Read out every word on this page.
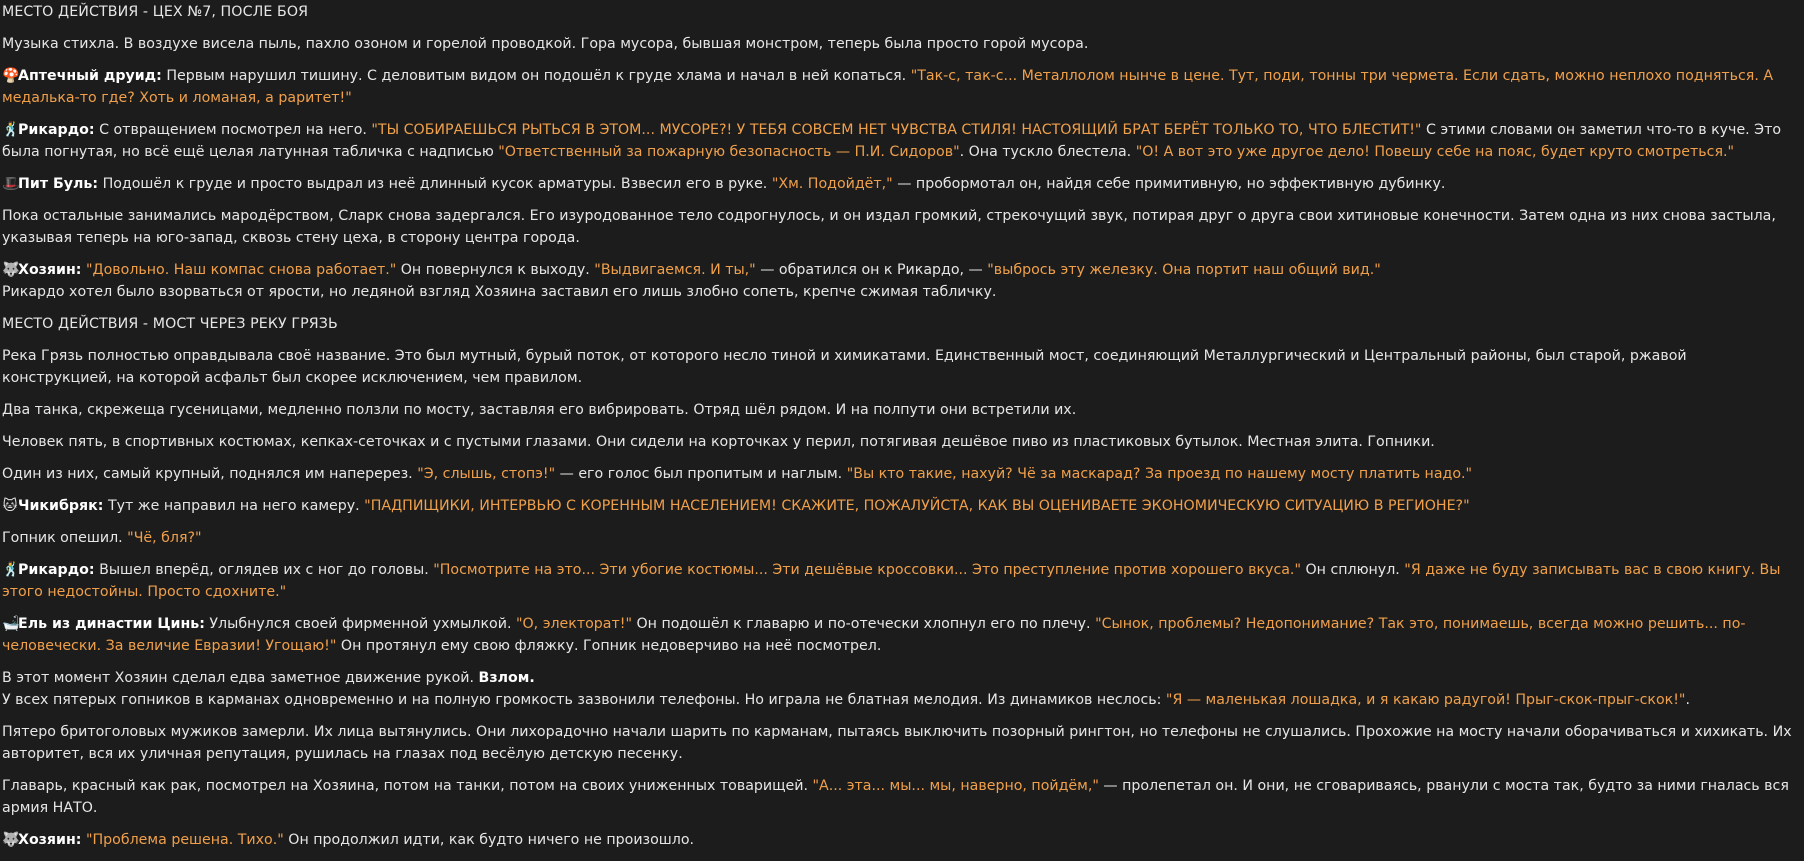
МЕСТО ДЕЙСТВИЯ - ЦЕХ №7, ПОСЛЕ БОЯ
Музыка стихла. В воздухе висела пыль, пахло озоном и горелой проводкой. Гора мусора, бывшая монстром, теперь была просто горой мусора.
🍄Аптечный друид: Первым нарушил тишину. С деловитым видом он подошёл к груде хлама и начал в ней копаться. "Так-с, так-с... Металлолом нынче в цене. Тут, поди, тонны три чермета. Если сдать, можно неплохо подняться. А медалька-то где? Хоть и ломаная, а раритет!"
🕺Рикардо: С отвращением посмотрел на него. "ТЫ СОБИРАЕШЬСЯ РЫТЬСЯ В ЭТОМ... МУСОРЕ?! У ТЕБЯ СОВСЕМ НЕТ ЧУВСТВА СТИЛЯ! НАСТОЯЩИЙ БРАТ БЕРЁТ ТОЛЬКО ТО, ЧТО БЛЕСТИТ!" С этими словами он заметил что-то в куче. Это была погнутая, но всё ещё целая латунная табличка с надписью "Ответственный за пожарную безопасность — П.И. Сидоров". Она тускло блестела. "О! А вот это уже другое дело! Повешу себе на пояс, будет круто смотреться."
🎩Пит Буль: Подошёл к груде и просто выдрал из неё длинный кусок арматуры. Взвесил его в руке. "Хм. Подойдёт," — пробормотал он, найдя себе примитивную, но эффективную дубинку.
Пока остальные занимались мародёрством, Сларк снова задергался. Его изуродованное тело содрогнулось, и он издал громкий, стрекочущий звук, потирая друг о друга свои хитиновые конечности. Затем одна из них снова застыла, указывая теперь на юго-запад, сквозь стену цеха, в сторону центра города.
🐺Хозяин: "Довольно. Наш компас снова работает." Он повернулся к выходу. "Выдвигаемся. И ты," — обратился он к Рикардо, — "выбрось эту железку. Она портит наш общий вид."
Рикардо хотел было взорваться от ярости, но ледяной взгляд Хозяина заставил его лишь злобно сопеть, крепче сжимая табличку.
МЕСТО ДЕЙСТВИЯ - МОСТ ЧЕРЕЗ РЕКУ ГРЯЗЬ
Река Грязь полностью оправдывала своё название. Это был мутный, бурый поток, от которого несло тиной и химикатами. Единственный мост, соединяющий Металлургический и Центральный районы, был старой, ржавой конструкцией, на которой асфальт был скорее исключением, чем правилом.
Два танка, скрежеща гусеницами, медленно ползли по мосту, заставляя его вибрировать. Отряд шёл рядом. И на полпути они встретили их.
Человек пять, в спортивных костюмах, кепках-сеточках и с пустыми глазами. Они сидели на корточках у перил, потягивая дешёвое пиво из пластиковых бутылок. Местная элита. Гопники.
Один из них, самый крупный, поднялся им наперерез. "Э, слышь, стопэ!" — его голос был пропитым и наглым. "Вы кто такие, нахуй? Чё за маскарад? За проезд по нашему мосту платить надо."
🐱Чикибряк: Тут же направил на него камеру. "ПАДПИЩИКИ, ИНТЕРВЬЮ С КОРЕННЫМ НАСЕЛЕНИЕМ! СКАЖИТЕ, ПОЖАЛУЙСТА, КАК ВЫ ОЦЕНИВАЕТЕ ЭКОНОМИЧЕСКУЮ СИТУАЦИЮ В РЕГИОНЕ?"
Гопник опешил. "Чё, бля?"
🕺Рикардо: Вышел вперёд, оглядев их с ног до головы. "Посмотрите на это... Эти убогие костюмы... Эти дешёвые кроссовки... Это преступление против хорошего вкуса." Он сплюнул. "Я даже не буду записывать вас в свою книгу. Вы этого недостойны. Просто сдохните."
🛁Ель из династии Цинь: Улыбнулся своей фирменной ухмылкой. "О, электорат!" Он подошёл к главарю и по-отечески хлопнул его по плечу. "Сынок, проблемы? Недопонимание? Так это, понимаешь, всегда можно решить... по-человечески. За величие Евразии! Угощаю!" Он протянул ему свою фляжку. Гопник недоверчиво на неё посмотрел.
В этот момент Хозяин сделал едва заметное движение рукой. Взлом.
У всех пятерых гопников в карманах одновременно и на полную громкость зазвонили телефоны. Но играла не блатная мелодия. Из динамиков неслось: "Я — маленькая лошадка, и я какаю радугой! Прыг-скок-прыг-скок!".
Пятеро бритоголовых мужиков замерли. Их лица вытянулись. Они лихорадочно начали шарить по карманам, пытаясь выключить позорный рингтон, но телефоны не слушались. Прохожие на мосту начали оборачиваться и хихикать. Их авторитет, вся их уличная репутация, рушилась на глазах под весёлую детскую песенку.
Главарь, красный как рак, посмотрел на Хозяина, потом на танки, потом на своих униженных товарищей. "А... эта... мы... мы, наверно, пойдём," — пролепетал он. И они, не сговариваясь, рванули с моста так, будто за ними гналась вся армия НАТО.
🐺Хозяин: "Проблема решена. Тихо." Он продолжил идти, как будто ничего не произошло.
